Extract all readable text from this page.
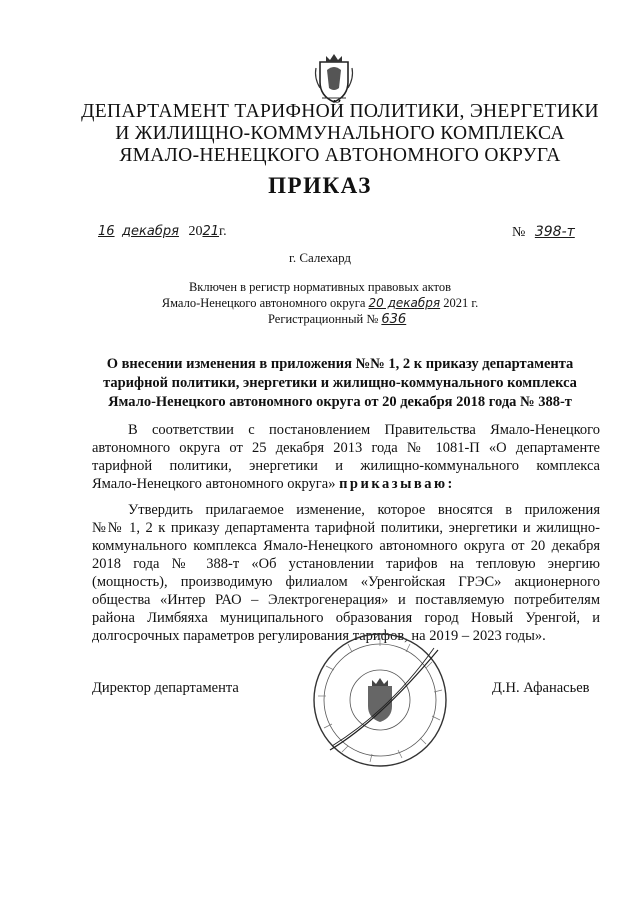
ДЕПАРТАМЕНТ ТАРИФНОЙ ПОЛИТИКИ, ЭНЕРГЕТИКИ
И ЖИЛИЩНО-КОММУНАЛЬНОГО КОМПЛЕКСА
ЯМАЛО-НЕНЕЦКОГО АВТОНОМНОГО ОКРУГА
ПРИКАЗ
16 декабря 2021г.	№ 398-т
г. Салехард
Включен в регистр нормативных правовых актов
Ямало-Ненецкого автономного округа 20 декабря 2021 г.
Регистрационный № 636
О внесении изменения в приложения №№ 1, 2 к приказу департамента
тарифной политики, энергетики и жилищно-коммунального комплекса
Ямало-Ненецкого автономного округа от 20 декабря 2018 года № 388-т
В соответствии с постановлением Правительства Ямало-Ненецкого
автономного округа от 25 декабря 2013 года № 1081-П «О департаменте
тарифной политики, энергетики и жилищно-коммунального комплекса
Ямало-Ненецкого автономного округа» приказываю:
Утвердить прилагаемое изменение, которое вносятся в приложения
№№ 1, 2 к приказу департамента тарифной политики, энергетики и жилищно-
коммунального комплекса Ямало-Ненецкого автономного округа от 20 декабря
2018 года № 388-т «Об установлении тарифов на тепловую энергию
(мощность), производимую филиалом «Уренгойская ГРЭС» акционерного
общества «Интер РАО – Электрогенерация» и поставляемую потребителям
района Лимбяяха муниципального образования город Новый Уренгой, и
долгосрочных параметров регулирования тарифов, на 2019 – 2023 годы».
Директор департамента	Д.Н. Афанасьев
